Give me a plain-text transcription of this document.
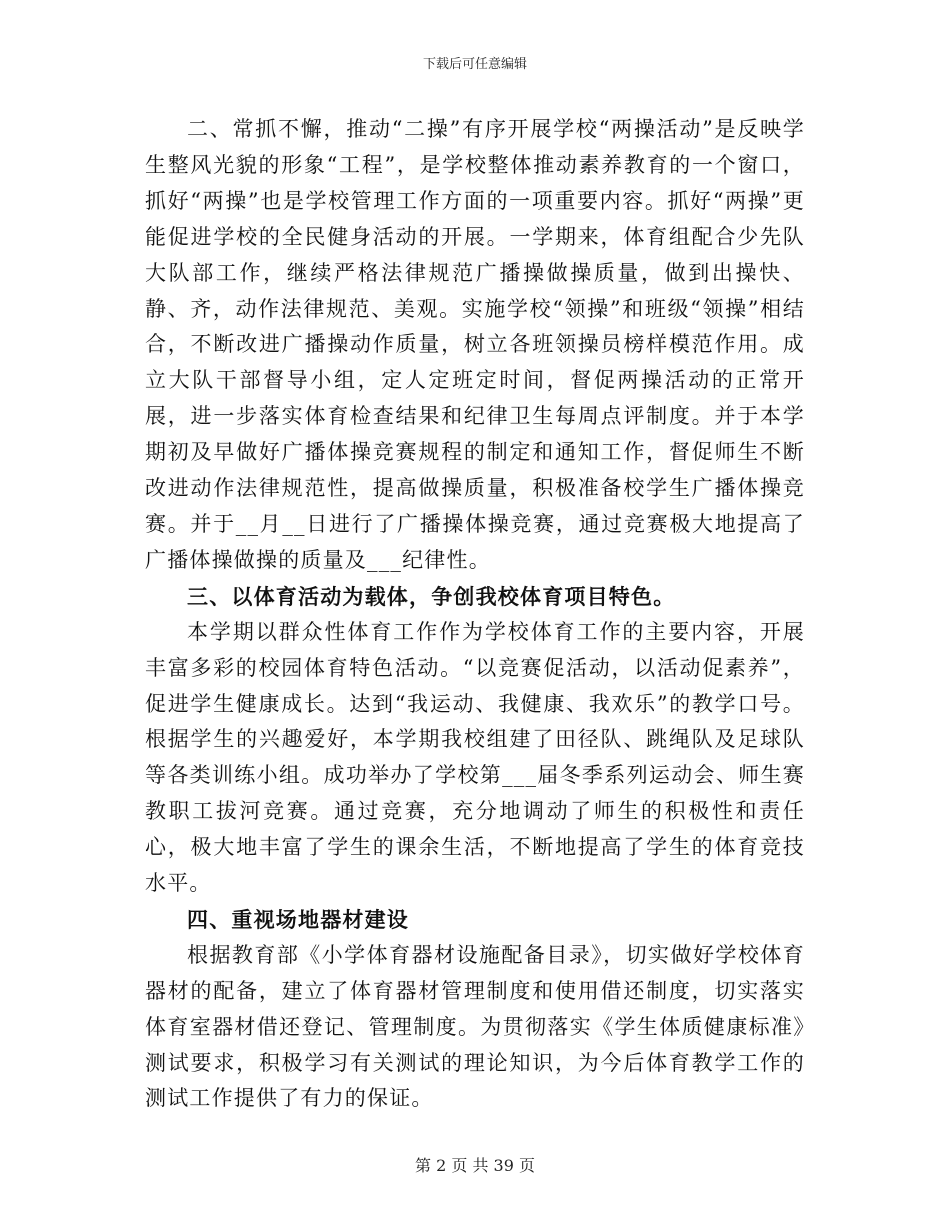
下载后可任意编辑

二、常抓不懈，推动“二操”有序开展学校“两操活动”是反映学生整风光貌的形象“工程”，是学校整体推动素养教育的一个窗口，抓好“两操”也是学校管理工作方面的一项重要内容。抓好“两操”更能促进学校的全民健身活动的开展。一学期来，体育组配合少先队大队部工作，继续严格法律规范广播操做操质量，做到出操快、静、齐，动作法律规范、美观。实施学校“领操”和班级“领操”相结合，不断改进广播操动作质量，树立各班领操员榜样模范作用。成立大队干部督导小组，定人定班定时间，督促两操活动的正常开展，进一步落实体育检查结果和纪律卫生每周点评制度。并于本学期初及早做好广播体操竞赛规程的制定和通知工作，督促师生不断改进动作法律规范性，提高做操质量，积极准备校学生广播体操竞赛。并于__月__日进行了广播操体操竞赛，通过竞赛极大地提高了广播体操做操的质量及___纪律性。

三、以体育活动为载体，争创我校体育项目特色。

本学期以群众性体育工作作为学校体育工作的主要内容，开展丰富多彩的校园体育特色活动。“以竞赛促活动，以活动促素养”，促进学生健康成长。达到“我运动、我健康、我欢乐”的教学口号。根据学生的兴趣爱好，本学期我校组建了田径队、跳绳队及足球队等各类训练小组。成功举办了学校第___届冬季系列运动会、师生赛教职工拔河竞赛。通过竞赛，充分地调动了师生的积极性和责任心，极大地丰富了学生的课余生活，不断地提高了学生的体育竞技水平。

四、重视场地器材建设

根据教育部《小学体育器材设施配备目录》，切实做好学校体育器材的配备，建立了体育器材管理制度和使用借还制度，切实落实体育室器材借还登记、管理制度。为贯彻落实《学生体质健康标准》测试要求，积极学习有关测试的理论知识，为今后体育教学工作的测试工作提供了有力的保证。

第 2 页 共 39 页
